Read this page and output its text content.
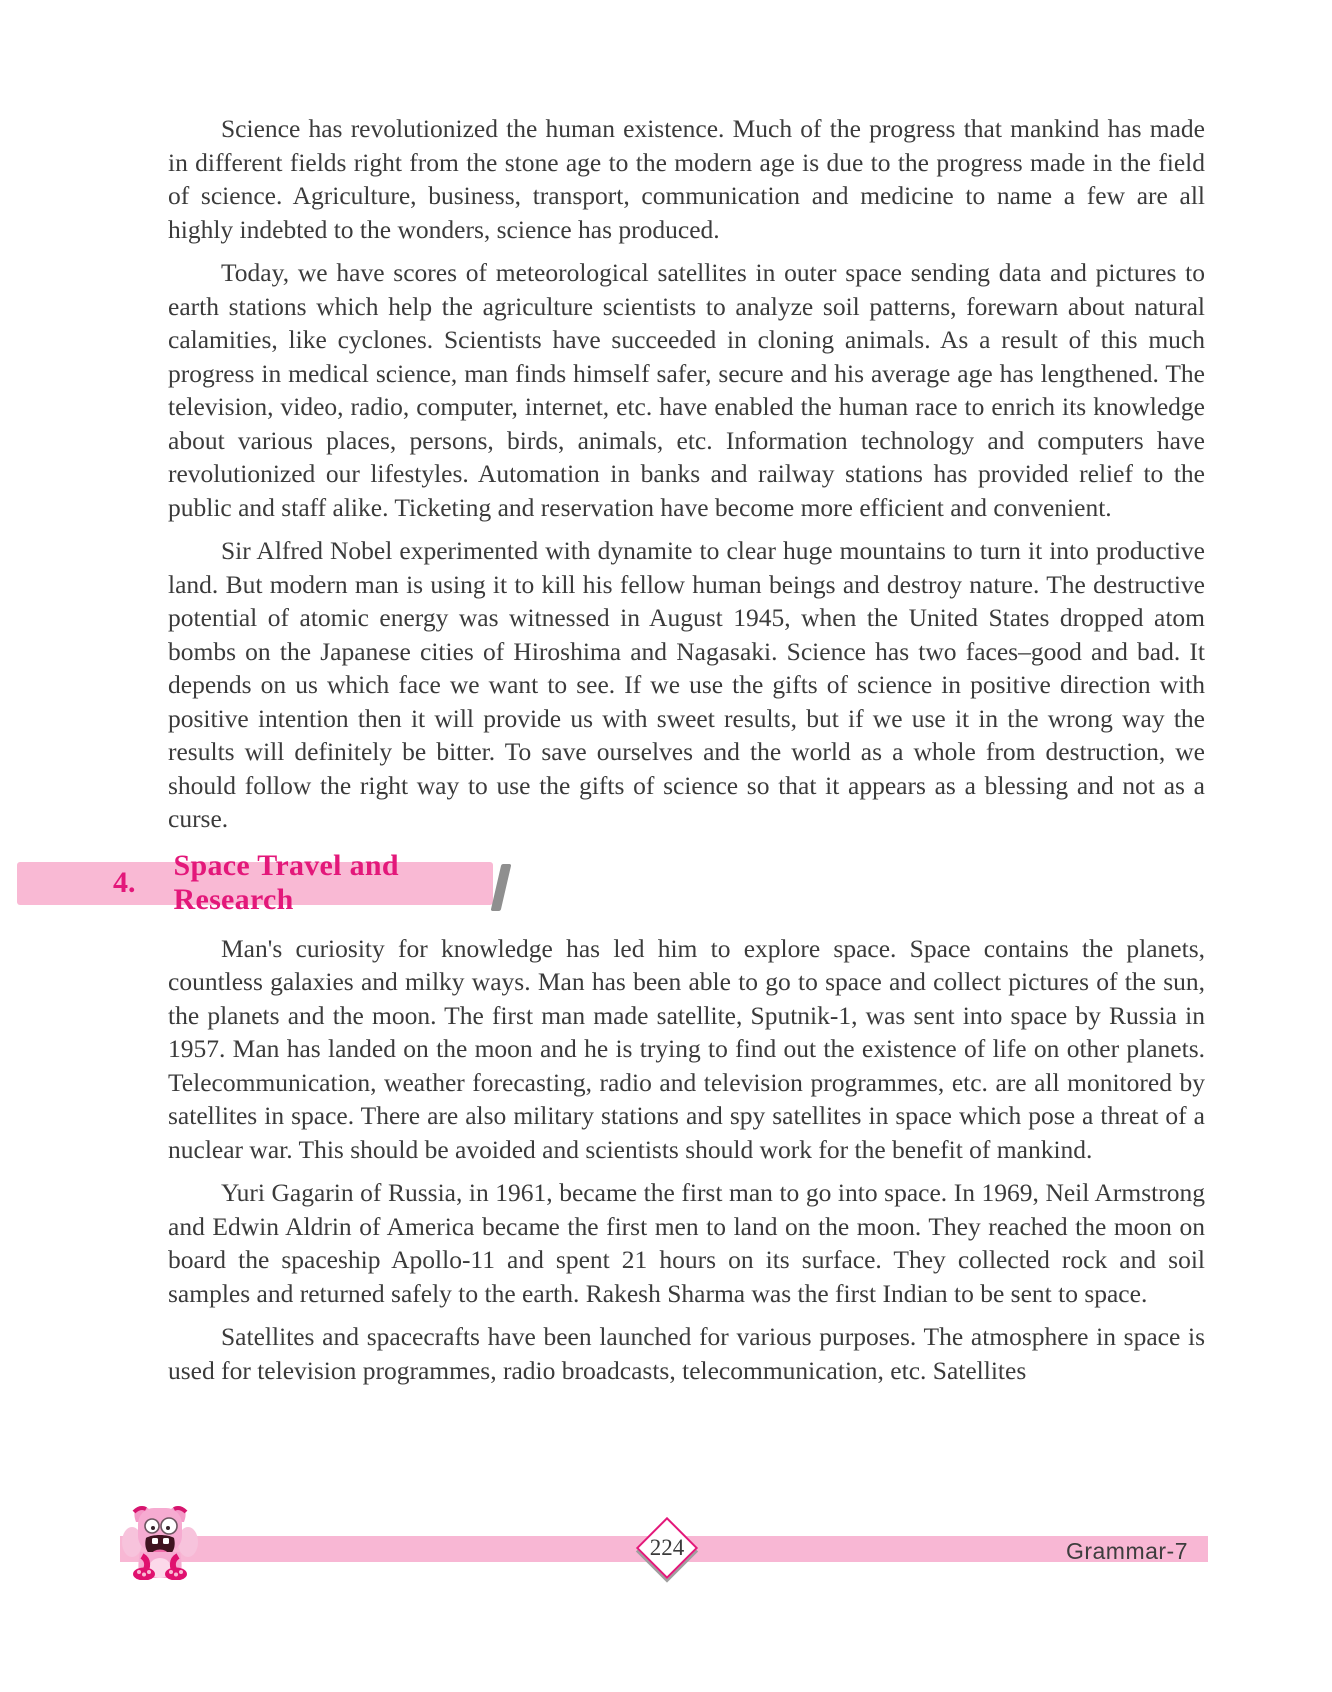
Science has revolutionized the human existence. Much of the progress that mankind has made in different fields right from the stone age to the modern age is due to the progress made in the field of science. Agriculture, business, transport, communication and medicine to name a few are all highly indebted to the wonders, science has produced.

Today, we have scores of meteorological satellites in outer space sending data and pictures to earth stations which help the agriculture scientists to analyze soil patterns, forewarn about natural calamities, like cyclones. Scientists have succeeded in cloning animals. As a result of this much progress in medical science, man finds himself safer, secure and his average age has lengthened. The television, video, radio, computer, internet, etc. have enabled the human race to enrich its knowledge about various places, persons, birds, animals, etc. Information technology and computers have revolutionized our lifestyles. Automation in banks and railway stations has provided relief to the public and staff alike. Ticketing and reservation have become more efficient and convenient.

Sir Alfred Nobel experimented with dynamite to clear huge mountains to turn it into productive land. But modern man is using it to kill his fellow human beings and destroy nature. The destructive potential of atomic energy was witnessed in August 1945, when the United States dropped atom bombs on the Japanese cities of Hiroshima and Nagasaki. Science has two faces–good and bad. It depends on us which face we want to see. If we use the gifts of science in positive direction with positive intention then it will provide us with sweet results, but if we use it in the wrong way the results will definitely be bitter. To save ourselves and the world as a whole from destruction, we should follow the right way to use the gifts of science so that it appears as a blessing and not as a curse.

4.
Space Travel and Research

Man's curiosity for knowledge has led him to explore space. Space contains the planets, countless galaxies and milky ways. Man has been able to go to space and collect pictures of the sun, the planets and the moon. The first man made satellite, Sputnik-1, was sent into space by Russia in 1957. Man has landed on the moon and he is trying to find out the existence of life on other planets. Telecommunication, weather forecasting, radio and television programmes, etc. are all monitored by satellites in space. There are also military stations and spy satellites in space which pose a threat of a nuclear war. This should be avoided and scientists should work for the benefit of mankind.

Yuri Gagarin of Russia, in 1961, became the first man to go into space. In 1969, Neil Armstrong and Edwin Aldrin of America became the first men to land on the moon. They reached the moon on board the spaceship Apollo-11 and spent 21 hours on its surface. They collected rock and soil samples and returned safely to the earth. Rakesh Sharma was the first Indian to be sent to space.

Satellites and spacecrafts have been launched for various purposes. The atmosphere in space is used for television programmes, radio broadcasts, telecommunication, etc. Satellites

224	Grammar-7
